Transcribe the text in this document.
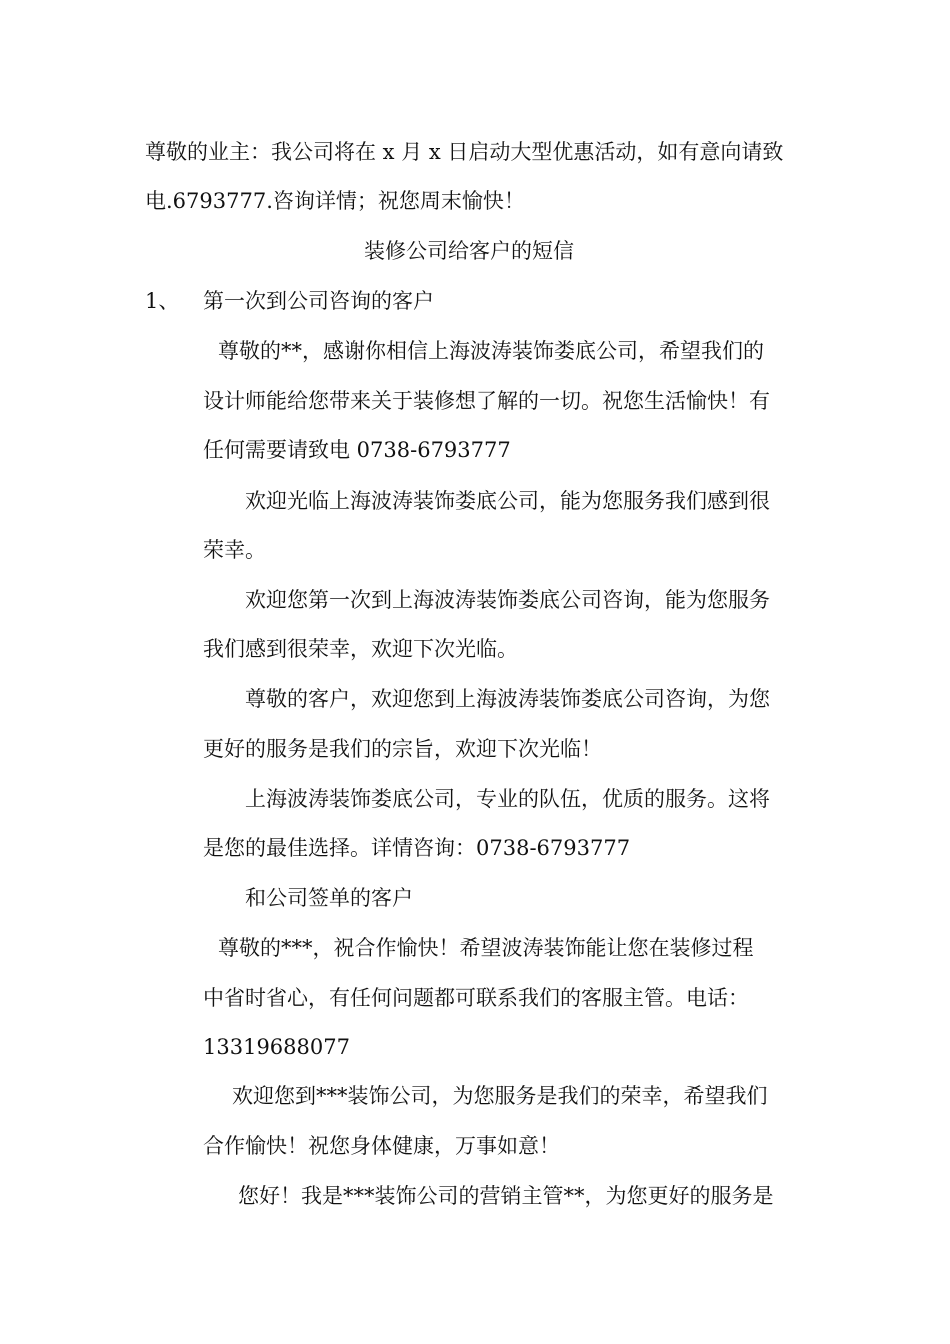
尊敬的业主：我公司将在 x 月 x 日启动大型优惠活动，如有意向请致
电.6793777.咨询详情；祝您周末愉快！
装修公司给客户的短信
1、 第一次到公司咨询的客户
尊敬的**，感谢你相信上海波涛装饰娄底公司，希望我们的
设计师能给您带来关于装修想了解的一切。祝您生活愉快！有
任何需要请致电 0738-6793777
欢迎光临上海波涛装饰娄底公司，能为您服务我们感到很
荣幸。
欢迎您第一次到上海波涛装饰娄底公司咨询，能为您服务
我们感到很荣幸，欢迎下次光临。
尊敬的客户，欢迎您到上海波涛装饰娄底公司咨询，为您
更好的服务是我们的宗旨，欢迎下次光临！
上海波涛装饰娄底公司，专业的队伍，优质的服务。这将
是您的最佳选择。详情咨询：0738-6793777
和公司签单的客户
尊敬的***，祝合作愉快！希望波涛装饰能让您在装修过程
中省时省心，有任何问题都可联系我们的客服主管。电话：
13319688077
欢迎您到***装饰公司，为您服务是我们的荣幸，希望我们
合作愉快！祝您身体健康，万事如意！
您好！我是***装饰公司的营销主管**，为您更好的服务是
